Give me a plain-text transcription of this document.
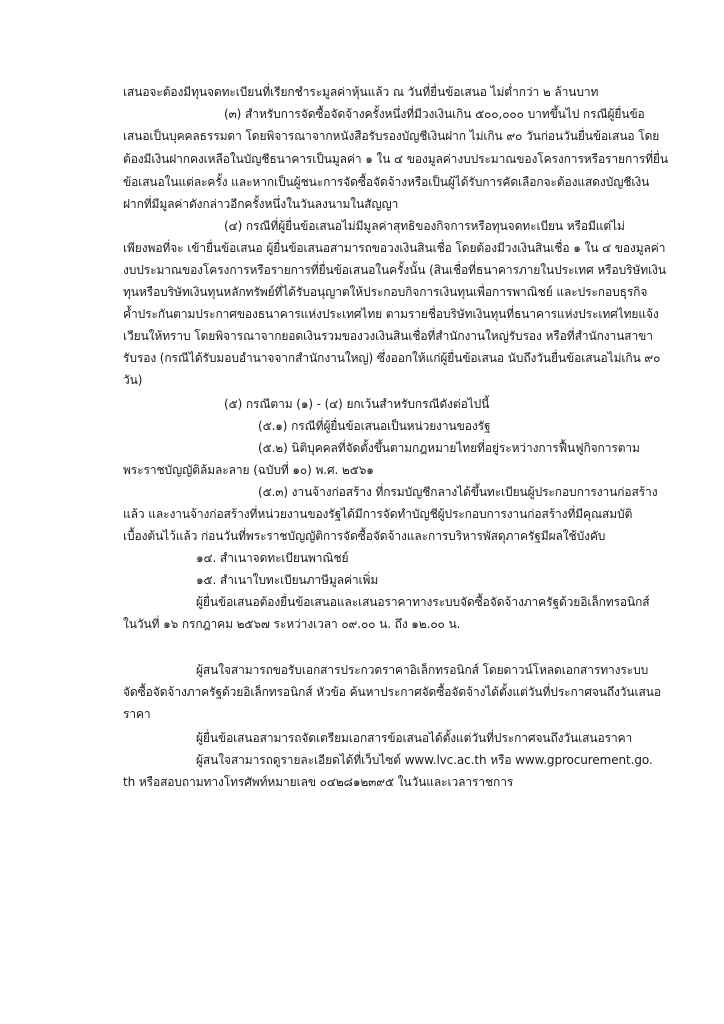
เสนอจะต้องมีทุนจดทะเบียนที่เรียกชำระมูลค่าหุ้นแล้ว ณ วันที่ยื่นข้อเสนอ ไม่ต่ำกว่า ๒ ล้านบาท
(๓) สำหรับการจัดซื้อจัดจ้างครั้งหนึ่งที่มีวงเงินเกิน ๕๐๐,๐๐๐ บาทขึ้นไป กรณีผู้ยื่นข้อ
เสนอเป็นบุคคลธรรมดา โดยพิจารณาจากหนังสือรับรองบัญชีเงินฝาก ไม่เกิน ๙๐ วันก่อนวันยื่นข้อเสนอ โดย
ต้องมีเงินฝากคงเหลือในบัญชีธนาคารเป็นมูลค่า ๑ ใน ๔ ของมูลค่างบประมาณของโครงการหรือรายการที่ยื่น
ข้อเสนอในแต่ละครั้ง และหากเป็นผู้ชนะการจัดซื้อจัดจ้างหรือเป็นผู้ได้รับการคัดเลือกจะต้องแสดงบัญชีเงิน
ฝากที่มีมูลค่าดังกล่าวอีกครั้งหนึ่งในวันลงนามในสัญญา
(๔) กรณีที่ผู้ยื่นข้อเสนอไม่มีมูลค่าสุทธิของกิจการหรือทุนจดทะเบียน หรือมีแต่ไม่
เพียงพอที่จะ เข้ายื่นข้อเสนอ ผู้ยื่นข้อเสนอสามารถขอวงเงินสินเชื่อ โดยต้องมีวงเงินสินเชื่อ ๑ ใน ๔ ของมูลค่า
งบประมาณของโครงการหรือรายการที่ยื่นข้อเสนอในครั้งนั้น (สินเชื่อที่ธนาคารภายในประเทศ หรือบริษัทเงิน
ทุนหรือบริษัทเงินทุนหลักทรัพย์ที่ได้รับอนุญาตให้ประกอบกิจการเงินทุนเพื่อการพาณิชย์ และประกอบธุรกิจ
ค้ำประกันตามประกาศของธนาคารแห่งประเทศไทย ตามรายชื่อบริษัทเงินทุนที่ธนาคารแห่งประเทศไทยแจ้ง
เวียนให้ทราบ โดยพิจารณาจากยอดเงินรวมของวงเงินสินเชื่อที่สำนักงานใหญ่รับรอง หรือที่สำนักงานสาขา
รับรอง (กรณีได้รับมอบอำนาจจากสำนักงานใหญ่) ซึ่งออกให้แก่ผู้ยื่นข้อเสนอ นับถึงวันยื่นข้อเสนอไม่เกิน ๙๐
วัน)
(๕) กรณีตาม (๑) - (๔) ยกเว้นสำหรับกรณีดังต่อไปนี้
(๕.๑) กรณีที่ผู้ยื่นข้อเสนอเป็นหน่วยงานของรัฐ
(๕.๒) นิติบุคคลที่จัดตั้งขึ้นตามกฎหมายไทยที่อยู่ระหว่างการฟื้นฟูกิจการตาม
พระราชบัญญัติล้มละลาย (ฉบับที่ ๑๐) พ.ศ. ๒๕๖๑
(๕.๓) งานจ้างก่อสร้าง ที่กรมบัญชีกลางได้ขึ้นทะเบียนผู้ประกอบการงานก่อสร้าง
แล้ว และงานจ้างก่อสร้างที่หน่วยงานของรัฐได้มีการจัดทำบัญชีผู้ประกอบการงานก่อสร้างที่มีคุณสมบัติ
เบื้องต้นไว้แล้ว ก่อนวันที่พระราชบัญญัติการจัดซื้อจัดจ้างและการบริหารพัสดุภาครัฐมีผลใช้บังคับ
๑๔. สำเนาจดทะเบียนพาณิชย์
๑๕. สำเนาใบทะเบียนภาษีมูลค่าเพิ่ม
ผู้ยื่นข้อเสนอต้องยื่นข้อเสนอและเสนอราคาทางระบบจัดซื้อจัดจ้างภาครัฐด้วยอิเล็กทรอนิกส์
ในวันที่ ๑๖ กรกฎาคม ๒๕๖๗ ระหว่างเวลา ๐๙.๐๐ น. ถึง ๑๒.๐๐ น.
ผู้สนใจสามารถขอรับเอกสารประกวดราคาอิเล็กทรอนิกส์ โดยดาวน์โหลดเอกสารทางระบบ
จัดซื้อจัดจ้างภาครัฐด้วยอิเล็กทรอนิกส์ หัวข้อ ค้นหาประกาศจัดซื้อจัดจ้างได้ตั้งแต่วันที่ประกาศจนถึงวันเสนอ
ราคา
ผู้ยื่นข้อเสนอสามารถจัดเตรียมเอกสารข้อเสนอได้ตั้งแต่วันที่ประกาศจนถึงวันเสนอราคา
ผู้สนใจสามารถดูรายละเอียดได้ที่เว็บไซต์ www.lvc.ac.th หรือ www.gprocurement.go.
th หรือสอบถามทางโทรศัพท์หมายเลข ๐๔๒๘๑๒๓๙๕ ในวันและเวลาราชการ
